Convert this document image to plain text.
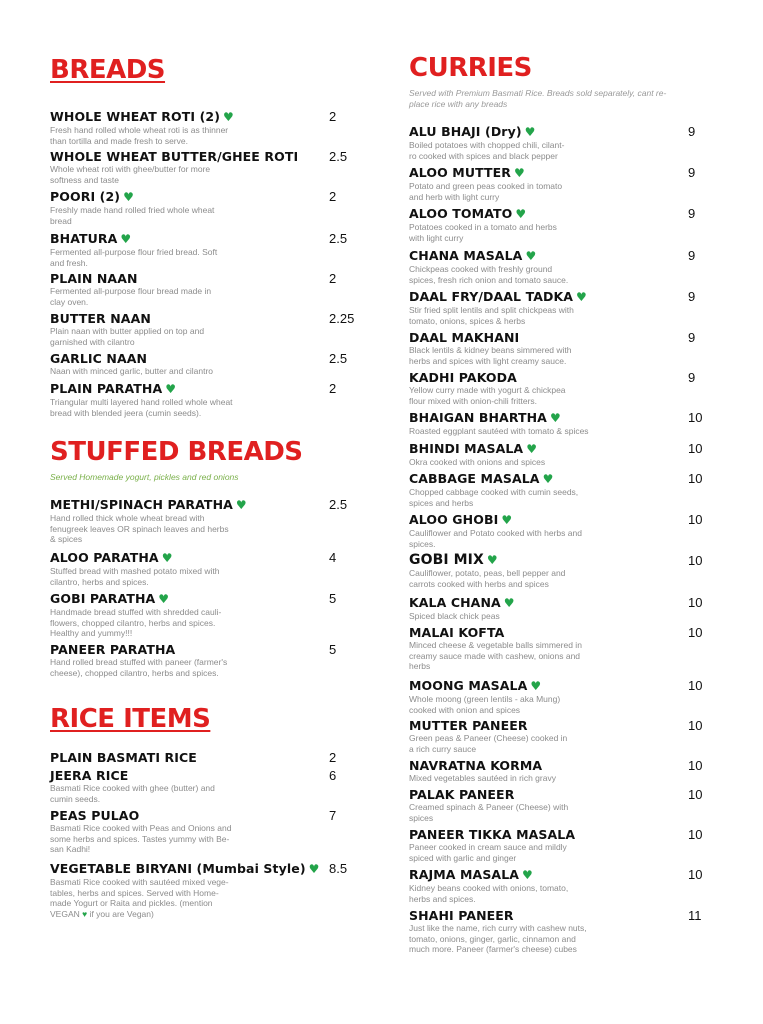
BREADS
WHOLE WHEAT ROTI (2) ♥	2
Fresh hand rolled whole wheat roti is as thinner
than tortilla and made fresh to serve.
WHOLE WHEAT BUTTER/GHEE ROTI	2.5
Whole wheat roti with ghee/butter for more
softness and taste
POORI (2) ♥	2
Freshly made hand rolled fried whole wheat
bread
BHATURA ♥	2.5
Fermented all-purpose flour fried bread. Soft
and fresh.
PLAIN NAAN	2
Fermented all-purpose flour bread made in
clay oven.
BUTTER NAAN	2.25
Plain naan with butter applied on top and
garnished with cilantro
GARLIC NAAN	2.5
Naan with minced garlic, butter and cilantro
PLAIN PARATHA ♥	2
Triangular multi layered hand rolled whole wheat
bread with blended jeera (cumin seeds).
STUFFED BREADS
Served Homemade yogurt, pickles and red onions
METHI/SPINACH PARATHA ♥	2.5
Hand rolled thick whole wheat bread with
fenugreek leaves OR spinach leaves and herbs
& spices
ALOO PARATHA ♥	4
Stuffed bread with mashed potato mixed with
cilantro, herbs and spices.
GOBI PARATHA ♥	5
Handmade bread stuffed with shredded cauli-
flowers, chopped cilantro, herbs and spices.
Healthy and yummy!!!
PANEER PARATHA	5
Hand rolled bread stuffed with paneer (farmer's
cheese), chopped cilantro, herbs and spices.
RICE ITEMS
PLAIN BASMATI RICE	2
JEERA RICE	6
Basmati Rice cooked with ghee (butter) and
cumin seeds.
PEAS PULAO	7
Basmati Rice cooked with Peas and Onions and
some herbs and spices. Tastes yummy with Be-
san Kadhi!
VEGETABLE BIRYANI (Mumbai Style) ♥ 8.5
Basmati Rice cooked with sautéed mixed vege-
tables, herbs and spices. Served with Home-
made Yogurt or Raita and pickles. (mention
VEGAN ♥ if you are Vegan)
CURRIES
Served with Premium Basmati Rice. Breads sold separately, cant re-
place rice with any breads
ALU BHAJI (Dry) ♥	9
Boiled potatoes with chopped chili, cilant-
ro cooked with spices and black pepper
ALOO MUTTER ♥	9
Potato and green peas cooked in tomato
and herb with light curry
ALOO TOMATO ♥	9
Potatoes cooked in a tomato and herbs
with light curry
CHANA MASALA ♥	9
Chickpeas cooked with freshly ground
spices, fresh rich onion and tomato sauce.
DAAL FRY/DAAL TADKA ♥	9
Stir fried split lentils and split chickpeas with
tomato, onions, spices & herbs
DAAL MAKHANI	9
Black lentils & kidney beans simmered with
herbs and spices with light creamy sauce.
KADHI PAKODA	9
Yellow curry made with yogurt & chickpea
flour mixed with onion-chili fritters.
BHAIGAN BHARTHA ♥	10
Roasted eggplant sautéed with tomato & spices
BHINDI MASALA ♥	10
Okra cooked with onions and spices
CABBAGE MASALA ♥	10
Chopped cabbage cooked with cumin seeds,
spices and herbs
ALOO GHOBI ♥	10
Cauliflower and Potato cooked with herbs and
spices.
GOBI MIX ♥	10
Cauliflower, potato, peas, bell pepper and
carrots cooked with herbs and spices
KALA CHANA ♥	10
Spiced black chick peas
MALAI KOFTA	10
Minced cheese & vegetable balls simmered in
creamy sauce made with cashew, onions and
herbs
MOONG MASALA ♥	10
Whole moong (green lentils - aka Mung)
cooked with onion and spices
MUTTER PANEER	10
Green peas & Paneer (Cheese) cooked in
a rich curry sauce
NAVRATNA KORMA	10
Mixed vegetables sautéed in rich gravy
PALAK PANEER	10
Creamed spinach & Paneer (Cheese) with
spices
PANEER TIKKA MASALA	10
Paneer cooked in cream sauce and mildly
spiced with garlic and ginger
RAJMA MASALA ♥	10
Kidney beans cooked with onions, tomato,
herbs and spices.
SHAHI PANEER	11
Just like the name, rich curry with cashew nuts,
tomato, onions, ginger, garlic, cinnamon and
much more. Paneer (farmer's cheese) cubes
